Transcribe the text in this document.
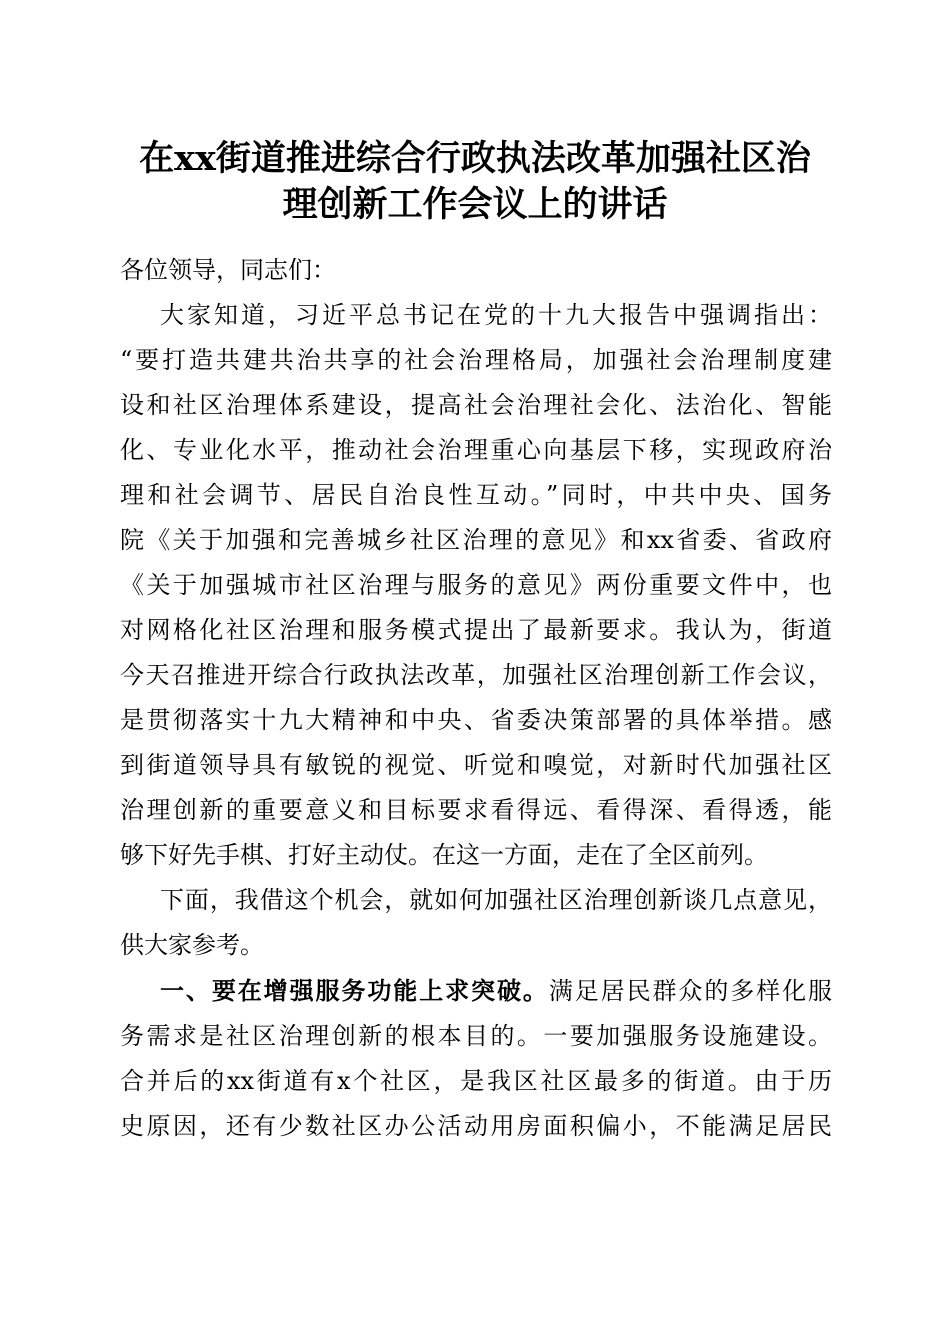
在xx街道推进综合行政执法改革加强社区治
理创新工作会议上的讲话

各位领导，同志们：

大家知道，习近平总书记在党的十九大报告中强调指出：
“要打造共建共治共享的社会治理格局，加强社会治理制度建
设和社区治理体系建设，提高社会治理社会化、法治化、智能
化、专业化水平，推动社会治理重心向基层下移，实现政府治
理和社会调节、居民自治良性互动。”同时，中共中央、国务
院《关于加强和完善城乡社区治理的意见》和xx省委、省政府
《关于加强城市社区治理与服务的意见》两份重要文件中，也
对网格化社区治理和服务模式提出了最新要求。我认为，街道
今天召推进开综合行政执法改革，加强社区治理创新工作会议，
是贯彻落实十九大精神和中央、省委决策部署的具体举措。感
到街道领导具有敏锐的视觉、听觉和嗅觉，对新时代加强社区
治理创新的重要意义和目标要求看得远、看得深、看得透，能
够下好先手棋、打好主动仗。在这一方面，走在了全区前列。

下面，我借这个机会，就如何加强社区治理创新谈几点意见，
供大家参考。

一、要在增强服务功能上求突破。满足居民群众的多样化服
务需求是社区治理创新的根本目的。一要加强服务设施建设。
合并后的xx街道有x个社区，是我区社区最多的街道。由于历
史原因，还有少数社区办公活动用房面积偏小，不能满足居民
